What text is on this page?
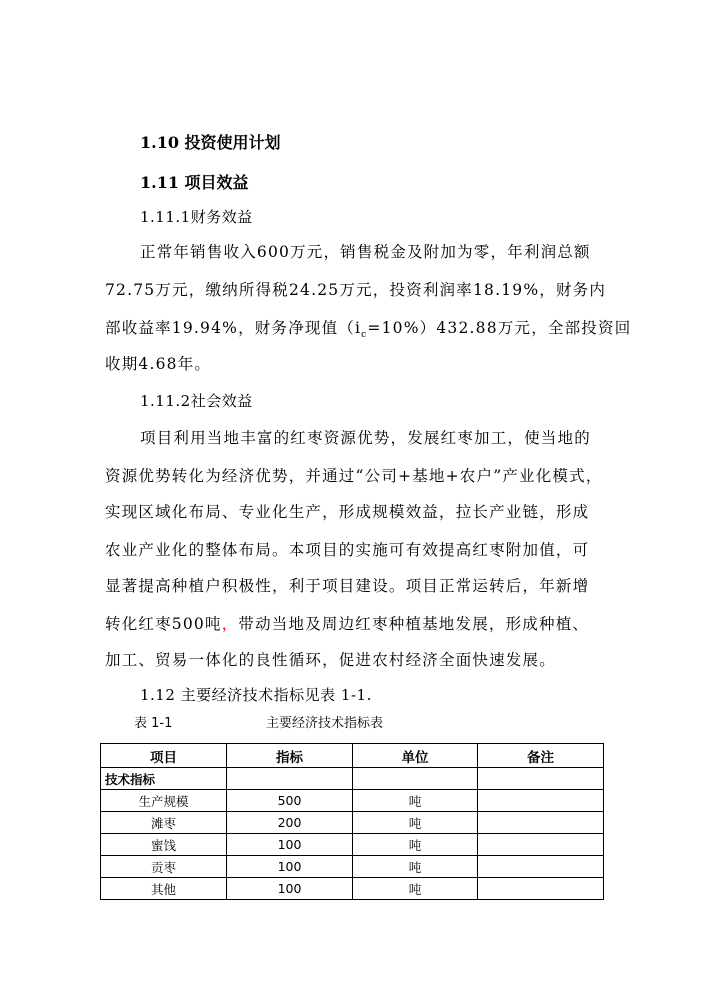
1.10 投资使用计划
1.11 项目效益
1.11.1财务效益
正常年销售收入600万元，销售税金及附加为零，年利润总额
72.75万元，缴纳所得税24.25万元，投资利润率18.19%，财务内
部收益率19.94%，财务净现值$(i_c=10\%)432.88$万元，全部投资回
收期4.68年。
1.11.2社会效益
项目利用当地丰富的红枣资源优势，发展红枣加工，使当地的
资源优势转化为经济优势，并通过“公司+基地+农户”产业化模式，
实现区域化布局、专业化生产，形成规模效益，拉长产业链，形成
农业产业化的整体布局。本项目的实施可有效提高红枣附加值，可
显著提高种植户积极性，利于项目建设。项目正常运转后，年新增
转化红枣500吨，带动当地及周边红枣种植基地发展，形成种植、
加工、贸易一体化的良性循环，促进农村经济全面快速发展。
1.12 主要经济技术指标见表 1-1.
表 1-1	主要经济技术指标表
项目	指标	单位	备注
技术指标			
生产规模	500	吨	
滩枣	200	吨	
蜜饯	100	吨	
贡枣	100	吨	
其他	100	吨	
